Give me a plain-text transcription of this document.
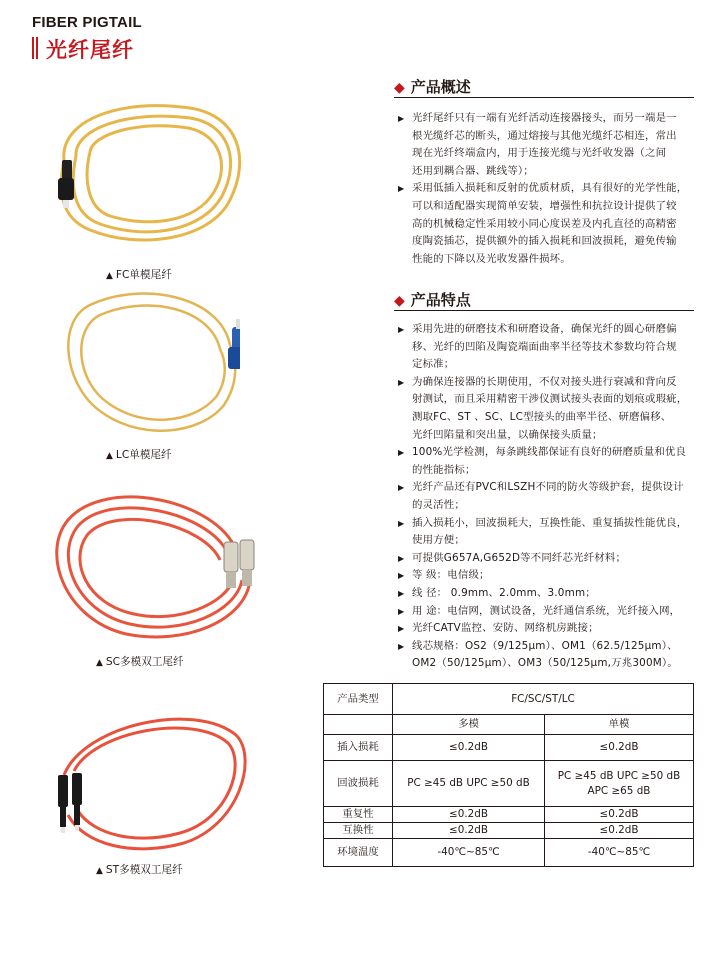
FIBER PIGTAIL
光纤尾纤
◆ 产品概述
▶ 光纤尾纤只有一端有光纤活动连接器接头，而另一端是一
根光缆纤芯的断头，通过熔接与其他光缆纤芯相连，常出
现在光纤终端盒内，用于连接光缆与光纤收发器（之间
还用到耦合器、跳线等）；
▶ 采用低插入损耗和反射的优质材质，具有很好的光学性能，
可以和适配器实现简单安装，增强性和抗拉设计提供了较
高的机械稳定性采用较小同心度误差及内孔直径的高精密
度陶瓷插芯，提供额外的插入损耗和回波损耗，避免传输
性能的下降以及光收发器件损坏。
◆ 产品特点
▶ 采用先进的研磨技术和研磨设备，确保光纤的圆心研磨偏
移、光纤的凹陷及陶瓷端面曲率半径等技术参数均符合规
定标准；
▶ 为确保连接器的长期使用，不仅对接头进行衰减和背向反
射测试，而且采用精密干涉仪测试接头表面的划痕或瑕疵，
测取FC、ST 、SC、LC型接头的曲率半径、研磨偏移、
光纤凹陷量和突出量，以确保接头质量；
▶ 100%光学检测，每条跳线都保证有良好的研磨质量和优良
的性能指标；
▶ 光纤产品还有PVC和LSZH不同的防火等级护套，提供设计
的灵活性；
▶ 插入损耗小，回波损耗大，互换性能、重复插拔性能优良，
使用方便；
▶ 可提供G657A,G652D等不同纤芯光纤材料；
▶ 等 级：电信级；
▶ 线 径： 0.9mm、2.0mm、3.0mm；
▶ 用 途：电信网，测试设备，光纤通信系统，光纤接入网，
▶ 光纤CATV监控、安防、网络机房跳接；
▶ 线芯规格：OS2（9/125μm）、OM1（62.5/125μm）、
OM2（50/125μm）、OM3（50/125μm,万兆300M）。
▲ FC单模尾纤
▲ LC单模尾纤
▲ SC多模双工尾纤
▲ ST多模双工尾纤
产品类型	FC/SC/ST/LC	
	多模	单模
插入损耗	≤0.2dB	≤0.2dB

回波损耗	PC ≥45 dB UPC ≥50 dB	PC ≥45 dB UPC ≥50 dB
APC ≥65 dB

重复性	≤0.2dB	≤0.2dB

互换性	≤0.2dB	≤0.2dB

环境温度	-40℃~85℃	-40℃~85℃
